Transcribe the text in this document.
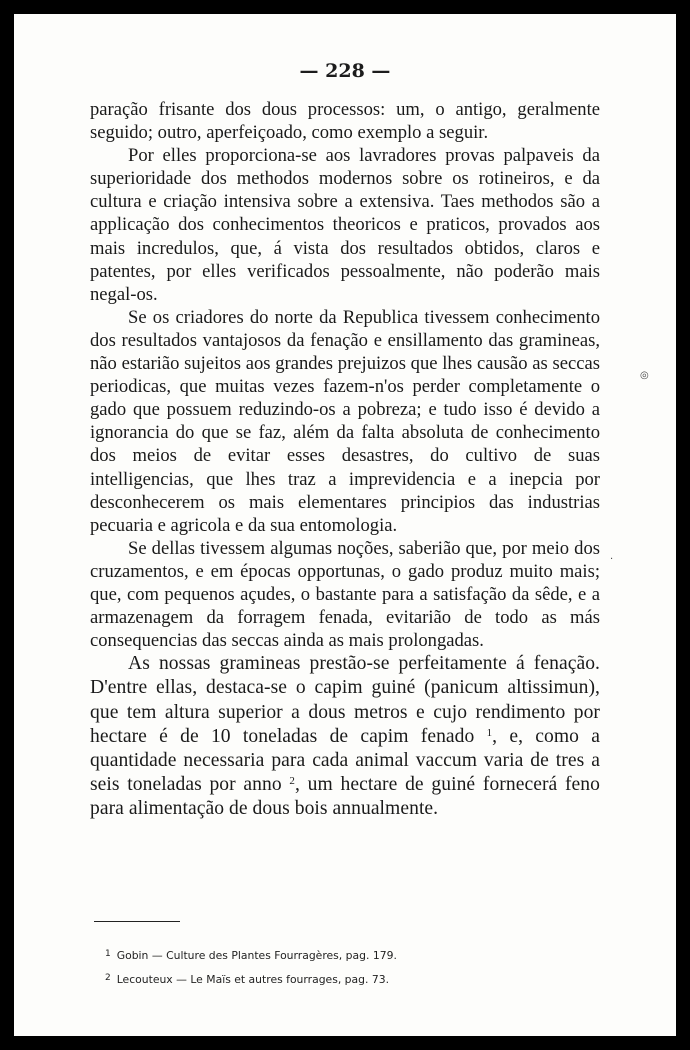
— 228 —

paração frisante dos dous processos: um, o antigo, geralmente seguido; outro, aperfeiçoado, como exemplo a seguir.

Por elles proporciona-se aos lavradores provas palpaveis da superioridade dos methodos modernos sobre os rotineiros, e da cultura e criação intensiva sobre a extensiva. Taes methodos são a applicação dos conhecimentos theoricos e praticos, provados aos mais incredulos, que, á vista dos resultados obtidos, claros e patentes, por elles verificados pessoalmente, não poderão mais negal-os.

Se os criadores do norte da Republica tivessem conhecimento dos resultados vantajosos da fenação e ensillamento das gramineas, não estarião sujeitos aos grandes prejuizos que lhes causão as seccas periodicas, que muitas vezes fazem-n'os perder completamente o gado que possuem reduzindo-os a pobreza; e tudo isso é devido a ignorancia do que se faz, além da falta absoluta de conhecimento dos meios de evitar esses desastres, do cultivo de suas intelligencias, que lhes traz a imprevidencia e a inepcia por desconhecerem os mais elementares principios das industrias pecuaria e agricola e da sua entomologia.

Se dellas tivessem algumas noções, saberião que, por meio dos cruzamentos, e em épocas opportunas, o gado produz muito mais; que, com pequenos açudes, o bastante para a satisfação da sêde, e a armazenagem da forragem fenada, evitarião de todo as más consequencias das seccas ainda as mais prolongadas.

As nossas gramineas prestão-se perfeitamente á fenação. D'entre ellas, destaca-se o capim guiné (panicum altissimun), que tem altura superior a dous metros e cujo rendimento por hectare é de 10 toneladas de capim fenado $^1$, e, como a quantidade necessaria para cada animal vaccum varia de tres a seis toneladas por anno $^2$, um hectare de guiné fornecerá feno para alimentação de dous bois annualmente.

$^1$ Gobin — Culture des Plantes Fourragères, pag. 179.

$^2$ Lecouteux — Le Maïs et autres fourrages, pag. 73.

◎
·
